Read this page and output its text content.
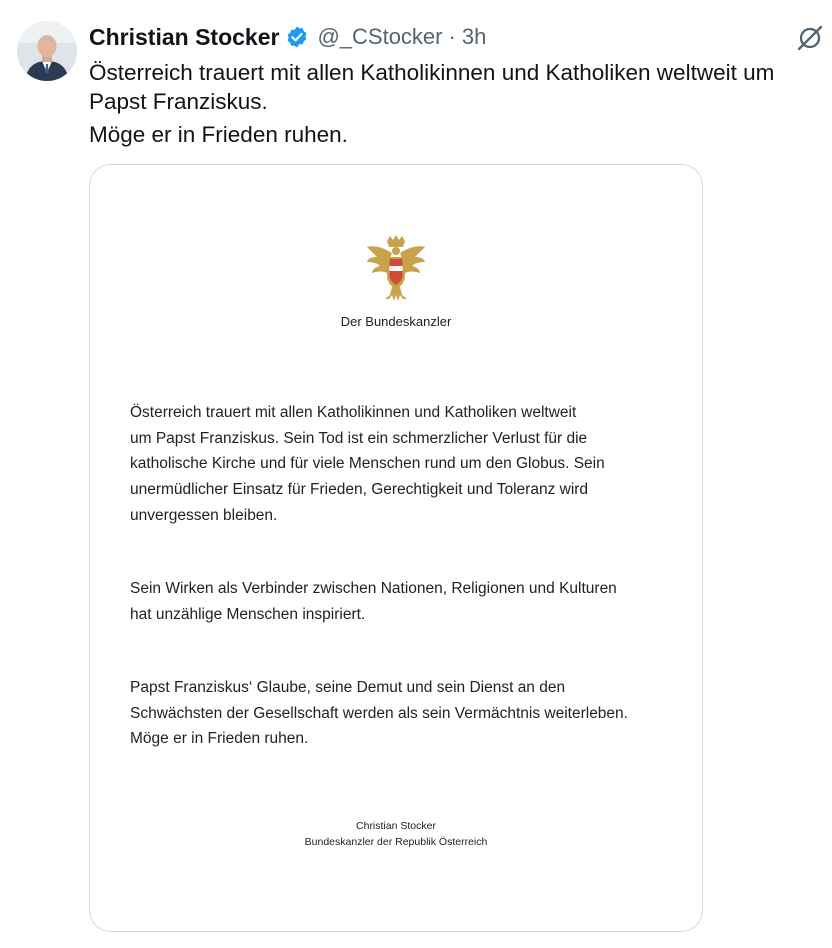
Christian Stocker @_CStocker · 3h
Österreich trauert mit allen Katholikinnen und Katholiken weltweit um
Papst Franziskus.
Möge er in Frieden ruhen.
Der Bundeskanzler
Österreich trauert mit allen Katholikinnen und Katholiken weltweit
um Papst Franziskus. Sein Tod ist ein schmerzlicher Verlust für die
katholische Kirche und für viele Menschen rund um den Globus. Sein
unermüdlicher Einsatz für Frieden, Gerechtigkeit und Toleranz wird
unvergessen bleiben.
Sein Wirken als Verbinder zwischen Nationen, Religionen und Kulturen
hat unzählige Menschen inspiriert.
Papst Franziskus‘ Glaube, seine Demut und sein Dienst an den
Schwächsten der Gesellschaft werden als sein Vermächtnis weiterleben.
Möge er in Frieden ruhen.
Christian Stocker
Bundeskanzler der Republik Österreich
